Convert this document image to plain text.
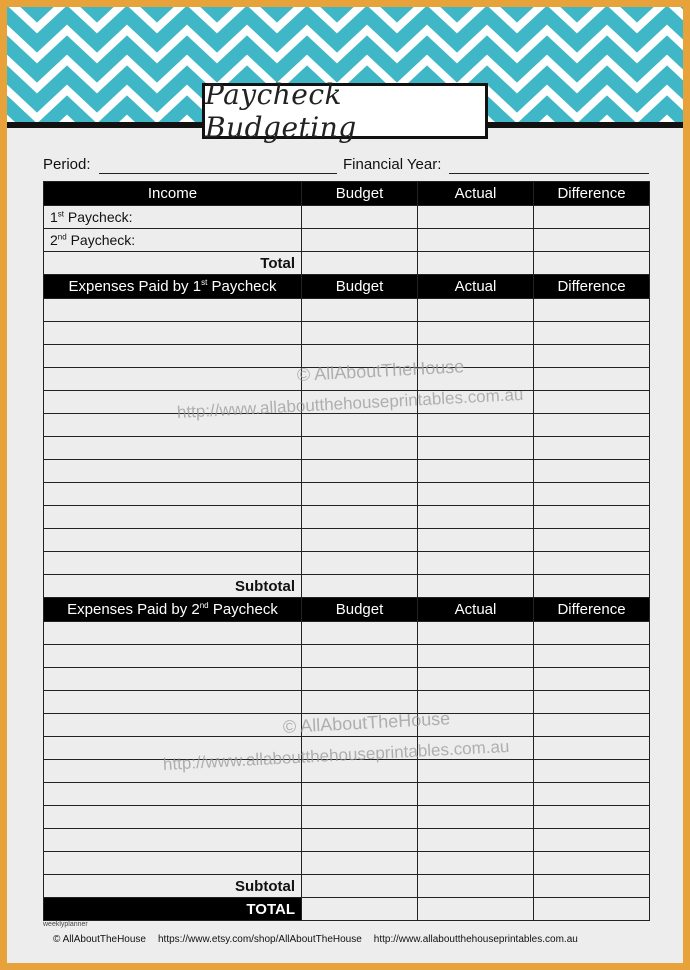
Paycheck Budgeting
Period:	Financial Year:
Income	Budget	Actual	Difference
1st Paycheck:			
2nd Paycheck:			
Total			
Expenses Paid by 1st Paycheck	Budget	Actual	Difference

Subtotal			
Expenses Paid by 2nd Paycheck	Budget	Actual	Difference

Subtotal			
TOTAL			
© AllAboutTheHouse
http://www.allaboutthehouseprintables.com.au
© AllAboutTheHouse
http://www.allaboutthehouseprintables.com.au
weeklyplanner
© AllAboutTheHouse https://www.etsy.com/shop/AllAboutTheHouse http://www.allaboutthehouseprintables.com.au
